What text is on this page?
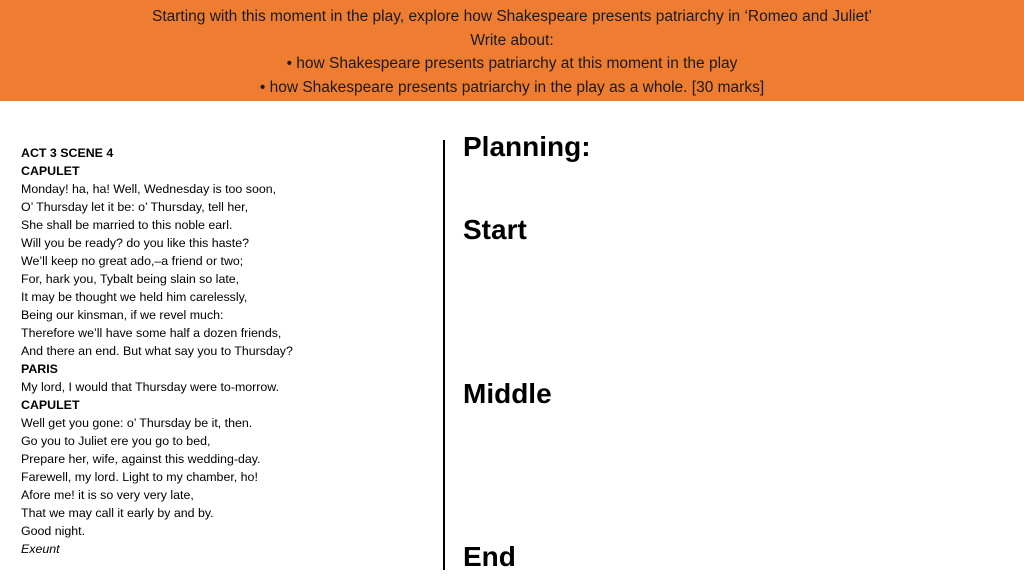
Starting with this moment in the play, explore how Shakespeare presents patriarchy in ‘Romeo and Juliet’
Write about:
• how Shakespeare presents patriarchy at this moment in the play
• how Shakespeare presents patriarchy in the play as a whole. [30 marks]
ACT 3 SCENE 4
CAPULET
Monday! ha, ha! Well, Wednesday is too soon,
O’ Thursday let it be: o’ Thursday, tell her,
She shall be married to this noble earl.
Will you be ready? do you like this haste?
We’ll keep no great ado,–a friend or two;
For, hark you, Tybalt being slain so late,
It may be thought we held him carelessly,
Being our kinsman, if we revel much:
Therefore we’ll have some half a dozen friends,
And there an end. But what say you to Thursday?
PARIS
My lord, I would that Thursday were to-morrow.
CAPULET
Well get you gone: o’ Thursday be it, then.
Go you to Juliet ere you go to bed,
Prepare her, wife, against this wedding-day.
Farewell, my lord. Light to my chamber, ho!
Afore me! it is so very very late,
That we may call it early by and by.
Good night.
Exeunt
Planning:
Start
Middle
End
